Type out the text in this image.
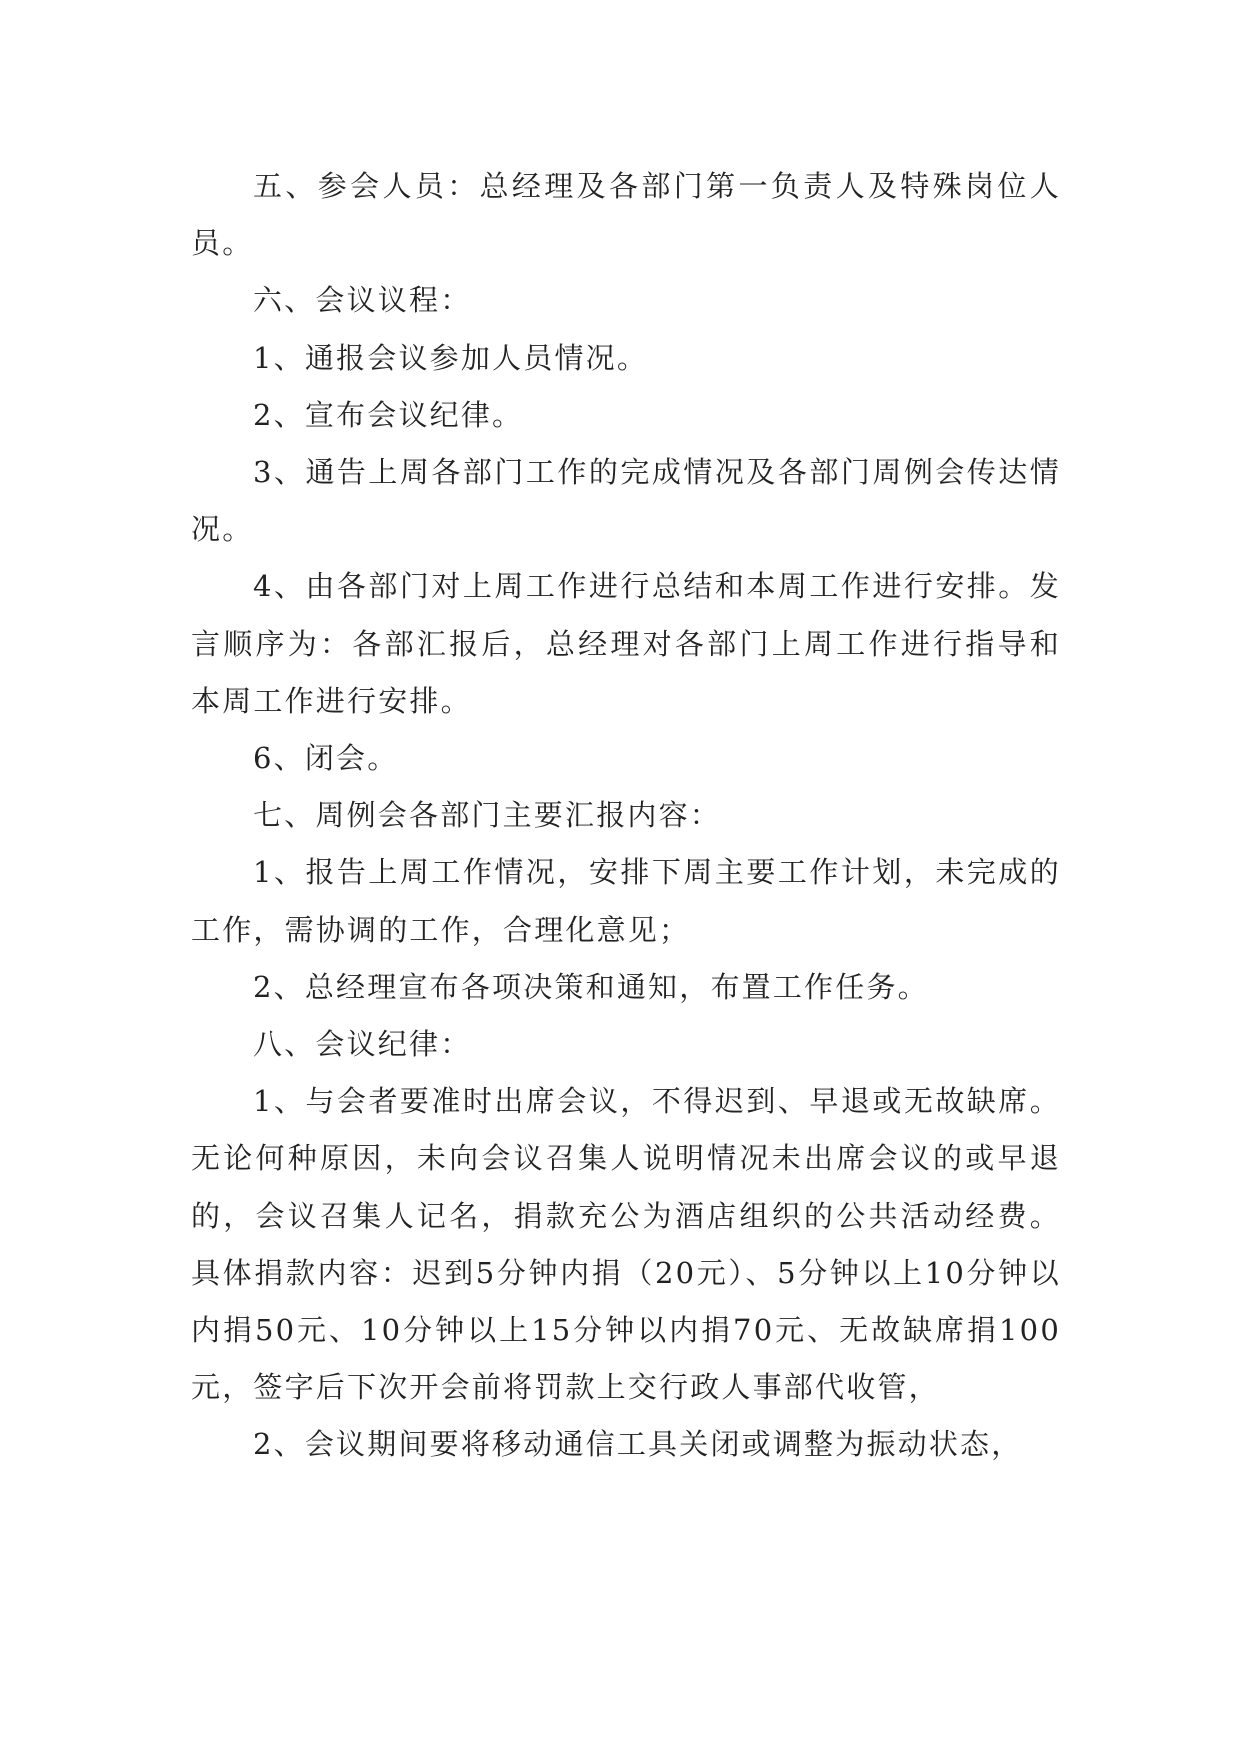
五、参会人员：总经理及各部门第一负责人及特殊岗位人员。

六、会议议程：

1、通报会议参加人员情况。

2、宣布会议纪律。

3、通告上周各部门工作的完成情况及各部门周例会传达情况。

4、由各部门对上周工作进行总结和本周工作进行安排。发言顺序为：各部汇报后，总经理对各部门上周工作进行指导和本周工作进行安排。

6、闭会。

七、周例会各部门主要汇报内容：

1、报告上周工作情况，安排下周主要工作计划，未完成的工作，需协调的工作，合理化意见；

2、总经理宣布各项决策和通知，布置工作任务。

八、会议纪律：

1、与会者要准时出席会议，不得迟到、早退或无故缺席。无论何种原因，未向会议召集人说明情况未出席会议的或早退的，会议召集人记名，捐款充公为酒店组织的公共活动经费。具体捐款内容：迟到5分钟内捐（20元）、5分钟以上10分钟以内捐50元、10分钟以上15分钟以内捐70元、无故缺席捐100元，签字后下次开会前将罚款上交行政人事部代收管，

2、会议期间要将移动通信工具关闭或调整为振动状态，
